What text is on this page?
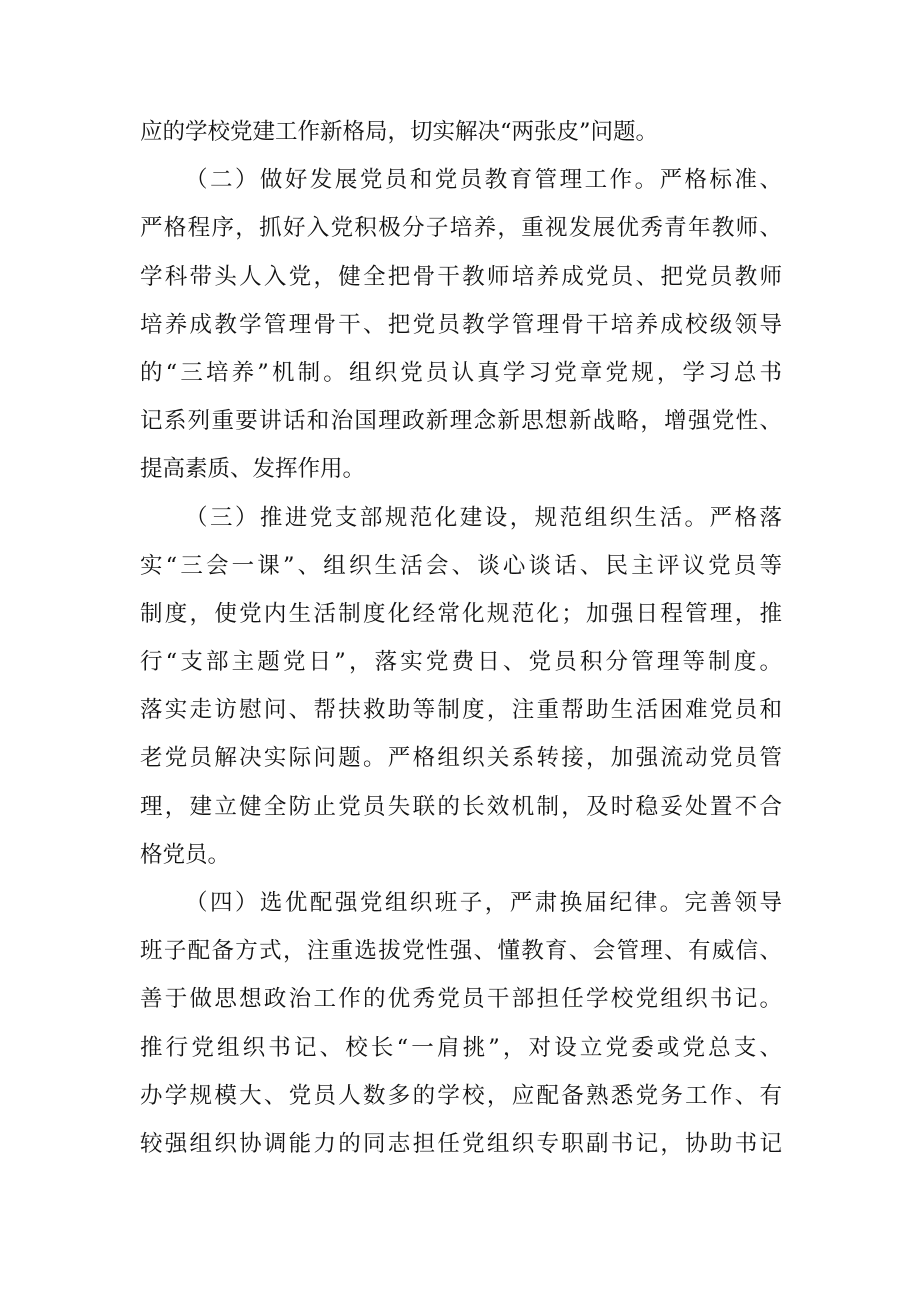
应的学校党建工作新格局，切实解决“两张皮”问题。
（二）做好发展党员和党员教育管理工作。严格标准、
严格程序，抓好入党积极分子培养，重视发展优秀青年教师、
学科带头人入党，健全把骨干教师培养成党员、把党员教师
培养成教学管理骨干、把党员教学管理骨干培养成校级领导
的“三培养”机制。组织党员认真学习党章党规，学习总书
记系列重要讲话和治国理政新理念新思想新战略，增强党性、
提高素质、发挥作用。
（三）推进党支部规范化建设，规范组织生活。严格落
实“三会一课”、组织生活会、谈心谈话、民主评议党员等
制度，使党内生活制度化经常化规范化；加强日程管理，推
行“支部主题党日”，落实党费日、党员积分管理等制度。
落实走访慰问、帮扶救助等制度，注重帮助生活困难党员和
老党员解决实际问题。严格组织关系转接，加强流动党员管
理，建立健全防止党员失联的长效机制，及时稳妥处置不合
格党员。
（四）选优配强党组织班子，严肃换届纪律。完善领导
班子配备方式，注重选拔党性强、懂教育、会管理、有威信、
善于做思想政治工作的优秀党员干部担任学校党组织书记。
推行党组织书记、校长“一肩挑”，对设立党委或党总支、
办学规模大、党员人数多的学校，应配备熟悉党务工作、有
较强组织协调能力的同志担任党组织专职副书记，协助书记
